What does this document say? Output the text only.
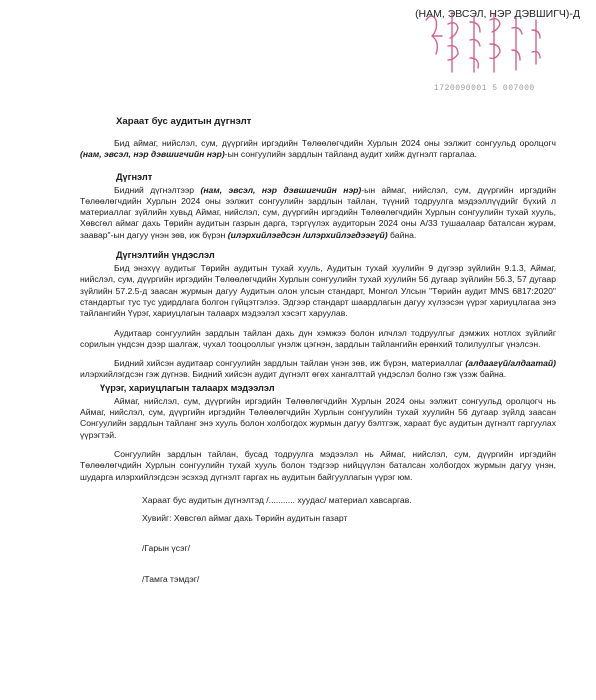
(НАМ, ЭВСЭЛ, НЭР ДЭВШИГЧ)-Д
1720090001 5 007000
Хараат бус аудитын дүгнэлт

Бид аймаг, нийслэл, сум, дүүргийн иргэдийн Төлөөлөгчдийн Хурлын 2024 оны ээлжит сонгуульд оролцогч (нам, эвсэл, нэр дэвшигчийн нэр)-ын сонгуулийн зардлын тайланд аудит хийж дүгнэлт гаргалаа.

Дүгнэлт

Бидний дүгнэлтээр (нам, эвсэл, нэр дэвшигчийн нэр)-ын аймаг, нийслэл, сум, дүүргийн иргэдийн Төлөөлөгчдийн Хурлын 2024 оны ээлжит сонгуулийн зардлын тайлан, түүний тодруулга мэдээллүүдийг бүхий л материаллаг зүйлийн хувьд Аймаг, нийслэл, сум, дүүргийн иргэдийн Төлөөлөгчдийн Хурлын сонгуулийн тухай хууль, Хөвсгөл аймаг дахь Төрийн аудитын газрын дарга, тэргүүлэх аудиторын 2024 оны А/33 тушаалаар баталсан журам, заавар"-ын дагуу үнэн зөв, иж бүрэн (илэрхийлэгдсэн /илэрхийлэгдээгүй) байна.

Дүгнэлтийн үндэслэл

Бид энэхүү аудитыг Төрийн аудитын тухай хууль, Аудитын тухай хуулийн 9 дүгээр зүйлийн 9.1.3, Аймаг, нийслэл, сум, дүүргийн иргэдийн Төлөөлөгчдийн Хурлын сонгуулийн тухай хуулийн 56 дугаар зүйлийн 56.3, 57 дугаар зүйлийн 57.2.5-д заасан журмын дагуу Аудитын олон улсын стандарт, Монгол Улсын "Төрийн аудит MNS 6817:2020" стандартыг тус тус удирдлага болгон гүйцэтгэлээ. Эдгээр стандарт шаардлагын дагуу хүлээсэн үүрэг хариуцлагаа энэ тайлангийн Үүрэг, хариуцлагын талаарх мэдээлэл хэсэгт харуулав.

Аудитаар сонгуулийн зардлын тайлан дахь дүн хэмжээ болон илчлэл тодруулгыг дэмжих нотлох зүйлийг сорилын үндсэн дээр шалгаж, чухал тооцооллыг үнэлж цэгнэн, зардлын тайлангийн ерөнхий толилуулгыг үнэлсэн.

Бидний хийсэн аудитаар сонгуулийн зардлын тайлан үнэн зөв, иж бүрэн, материаллаг (алдаагүй/алдаатай) илэрхийлэгдсэн гэж дүгнэв. Бидний хийсэн аудит дүгнэлт өгөх хангалттай үндэслэл болно гэж үзэж байна.

Үүрэг, хариуцлагын талаарх мэдээлэл

Аймаг, нийслэл, сум, дүүргийн иргэдийн Төлөөлөгчдийн Хурлын 2024 оны ээлжит сонгуульд оролцогч нь Аймаг, нийслэл, сум, дүүргийн иргэдийн Төлөөлөгчдийн Хурлын сонгуулийн тухай хуулийн 56 дугаар зүйлд заасан Сонгуулийн зардлын тайланг энэ хууль болон холбогдох журмын дагуу бэлтгэж, хараат бус аудитын дүгнэлт гаргуулах үүрэгтэй.

Сонгуулийн зардлын тайлан, бусад тодруулга мэдээлэл нь Аймаг, нийслэл, сум, дүүргийн иргэдийн Төлөөлөгчдийн Хурлын сонгуулийн тухай хууль болон тэдгээр нийцүүлэн баталсан холбогдох журмын дагуу үнэн, шударга илэрхийлэгдсэн эсэхэд дүгнэлт гаргах нь аудитын байгууллагын үүрэг юм.

Хараат бус аудитын дүгнэлтэд /........... хуудас/ материал хавсаргав.
Хувийг: Хөвсгөл аймаг дахь Төрийн аудитын газарт
/Гарын үсэг/
/Тамга тэмдэг/
